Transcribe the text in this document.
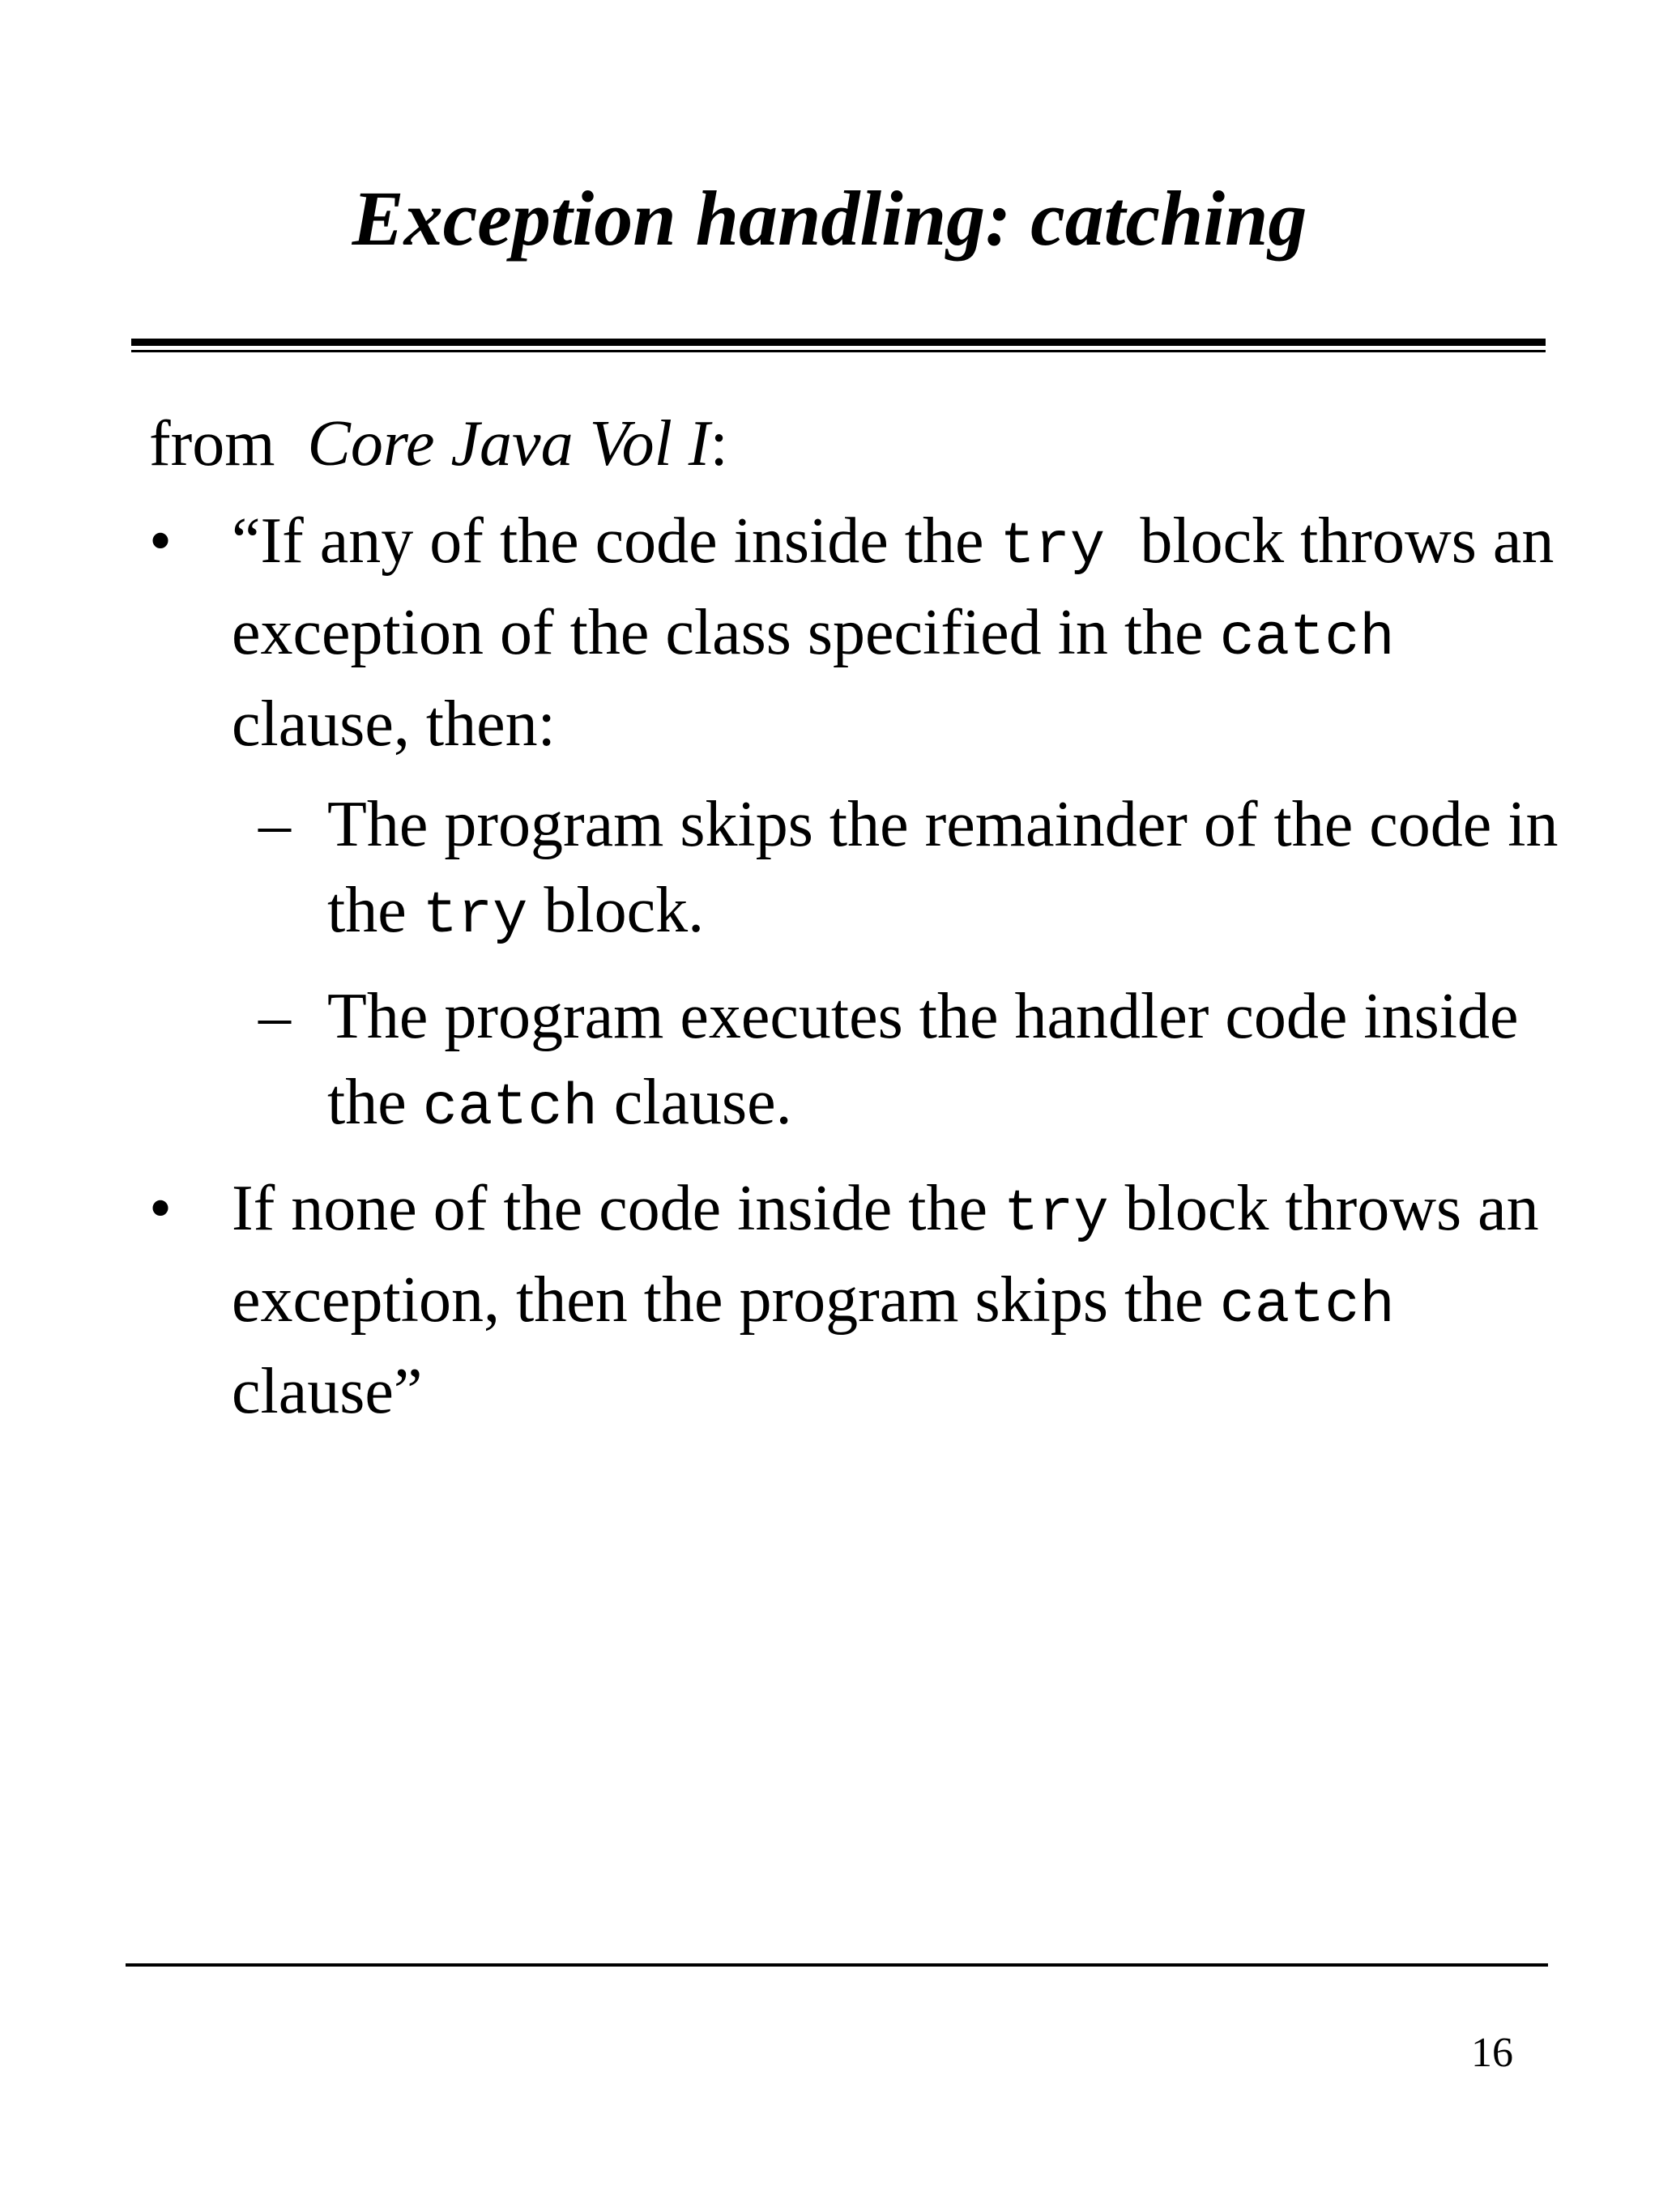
Exception handling: catching

from Core Java Vol I:

• “If any of the code inside the try block throws an exception of the class specified in the catch clause, then:
– The program skips the remainder of the code in the try block.
– The program executes the handler code inside the catch clause.
• If none of the code inside the try block throws an exception, then the program skips the catch clause”
16
